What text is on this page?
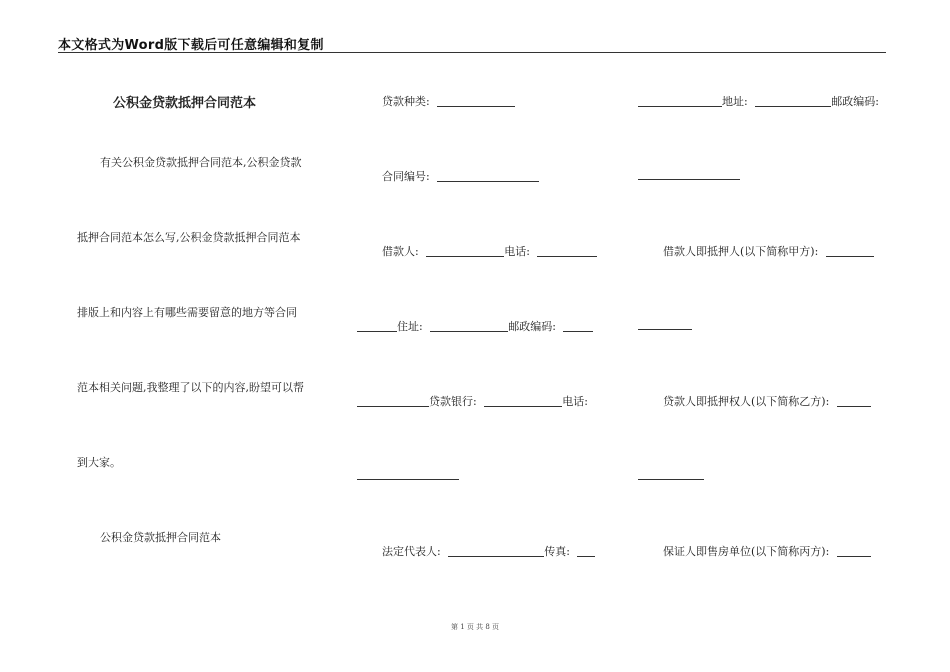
本文格式为Word版下载后可任意编辑和复制
公积金贷款抵押合同范本
有关公积金贷款抵押合同范本,公积金贷款
抵押合同范本怎么写,公积金贷款抵押合同范本
排版上和内容上有哪些需要留意的地方等合同
范本相关问题,我整理了以下的内容,盼望可以帮
到大家。
公积金贷款抵押合同范本
贷款种类:
合同编号:
借款人:	电话:
住址:	邮政编码:
贷款银行:	电话:
法定代表人:	传真:
地址:	邮政编码:
借款人即抵押人(以下简称甲方):
贷款人即抵押权人(以下简称乙方):
保证人即售房单位(以下简称丙方):
第 1 页 共 8 页
